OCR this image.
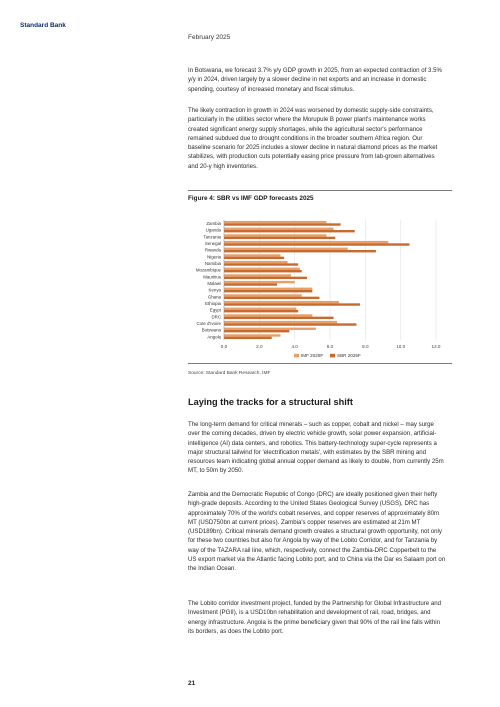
Standard Bank
February 2025

In Botswana, we forecast 3.7% y/y GDP growth in 2025, from an expected contraction of 3.5% y/y in 2024, driven largely by a slower decline in net exports and an increase in domestic spending, courtesy of increased monetary and fiscal stimulus.

The likely contraction in growth in 2024 was worsened by domestic supply-side constraints, particularly in the utilities sector where the Morupule B power plant's maintenance works created significant energy supply shortages, while the agricultural sector's performance remained subdued due to drought conditions in the broader southern Africa region. Our baseline scenario for 2025 includes a slower decline in natural diamond prices as the market stabilizes, with production cuts potentially easing price pressure from lab-grown alternatives and 20-y high inventories.

Figure 4: SBR vs IMF GDP forecasts 2025
0.0	2.0	4.0	6.0	8.0	10.0	12.0
Zambia
Uganda
Tanzania
Senegal
Rwanda
Nigeria
Namibia
Mozambique
Mauritius
Malawi
Kenya
Ghana
Ethiopia
Egypt
DRC
Cote d'Ivoire
Botswana
Angola
IMF 2025F	SBR 2025F
Source: Standard Bank Research, IMF
Laying the tracks for a structural shift

The long-term demand for critical minerals – such as copper, cobalt and nickel – may surge over the coming decades, driven by electric vehicle growth, solar power expansion, artificial-intelligence (AI) data centers, and robotics. This battery-technology super-cycle represents a major structural tailwind for 'electrification metals', with estimates by the SBR mining and resources team indicating global annual copper demand as likely to double, from currently 25m MT, to 50m by 2050.

Zambia and the Democratic Republic of Congo (DRC) are ideally positioned given their hefty high-grade deposits. According to the United States Geological Survey (USGS), DRC has approximately 70% of the world's cobalt reserves, and copper reserves of approximately 80m MT (USD750bn at current prices). Zambia's copper reserves are estimated at 21m MT (USD189bn). Critical minerals demand growth creates a structural growth opportunity, not only for these two countries but also for Angola by way of the Lobito Corridor, and for Tanzania by way of the TAZARA rail line, which, respectively, connect the Zambia-DRC Copperbelt to the US export market via the Atlantic facing Lobito port, and to China via the Dar es Salaam port on the Indian Ocean.

The Lobito corridor investment project, funded by the Partnership for Global Infrastructure and Investment (PGII), is a USD10bn rehabilitation and development of rail, road, bridges, and energy infrastructure. Angola is the prime beneficiary given that 90% of the rail line falls within its borders, as does the Lobito port.

21
